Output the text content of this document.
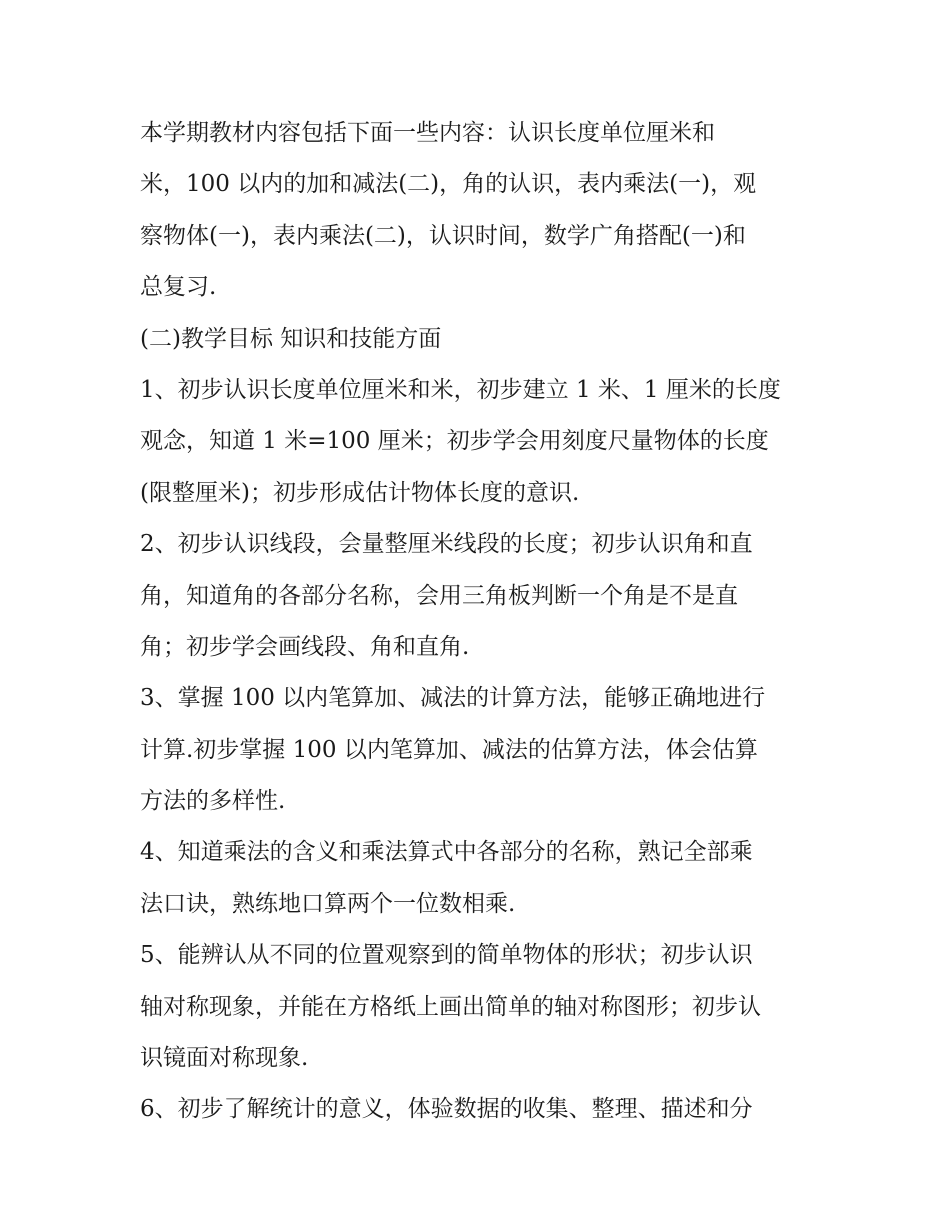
本学期教材内容包括下面一些内容：认识长度单位厘米和
米，100 以内的加和减法(二)，角的认识，表内乘法(一)，观
察物体(一)，表内乘法(二)，认识时间，数学广角搭配(一)和
总复习.
(二)教学目标 知识和技能方面
1、初步认识长度单位厘米和米，初步建立 1 米、1 厘米的长度
观念，知道 1 米=100 厘米；初步学会用刻度尺量物体的长度
(限整厘米)；初步形成估计物体长度的意识.
2、初步认识线段，会量整厘米线段的长度；初步认识角和直
角，知道角的各部分名称，会用三角板判断一个角是不是直
角；初步学会画线段、角和直角.
3、掌握 100 以内笔算加、减法的计算方法，能够正确地进行
计算.初步掌握 100 以内笔算加、减法的估算方法，体会估算
方法的多样性.
4、知道乘法的含义和乘法算式中各部分的名称，熟记全部乘
法口诀，熟练地口算两个一位数相乘.
5、能辨认从不同的位置观察到的简单物体的形状；初步认识
轴对称现象，并能在方格纸上画出简单的轴对称图形；初步认
识镜面对称现象.
6、初步了解统计的意义，体验数据的收集、整理、描述和分
